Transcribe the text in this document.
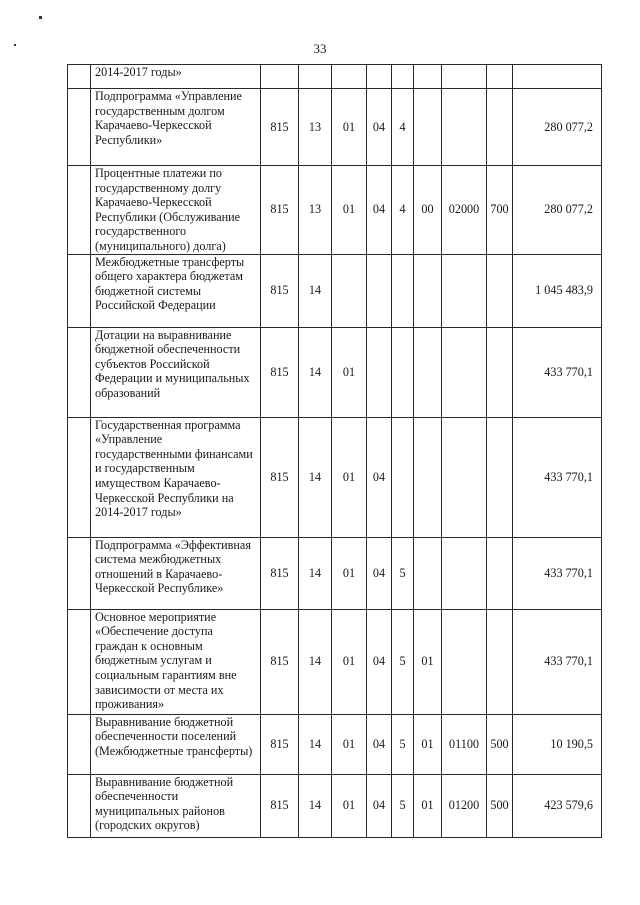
33
	2014-2017 годы»									
	Подпрограмма «Управление государственным долгом Карачаево-Черкесской Республики»	815	13	01	04	4				280 077,2
	Процентные платежи по государственному долгу Карачаево-Черкесской Республики (Обслуживание государственного (муниципального) долга)	815	13	01	04	4	00	02000	700	280 077,2
	Межбюджетные трансферты общего характера бюджетам бюджетной системы Российской Федерации	815	14							1 045 483,9
	Дотации на выравнивание бюджетной обеспеченности субъектов Российской Федерации и муниципальных образований	815	14	01						433 770,1
	Государственная программа «Управление государственными финансами и государственным имуществом Карачаево-Черкесской Республики на 2014-2017 годы»	815	14	01	04					433 770,1
	Подпрограмма «Эффективная система межбюджетных отношений в Карачаево-Черкесской Республике»	815	14	01	04	5				433 770,1
	Основное мероприятие «Обеспечение доступа граждан к основным бюджетным услугам и социальным гарантиям вне зависимости от места их проживания»	815	14	01	04	5	01			433 770,1
	Выравнивание бюджетной обеспеченности поселений (Межбюджетные трансферты)	815	14	01	04	5	01	01100	500	10 190,5
	Выравнивание бюджетной обеспеченности муниципальных районов (городских округов)	815	14	01	04	5	01	01200	500	423 579,6
